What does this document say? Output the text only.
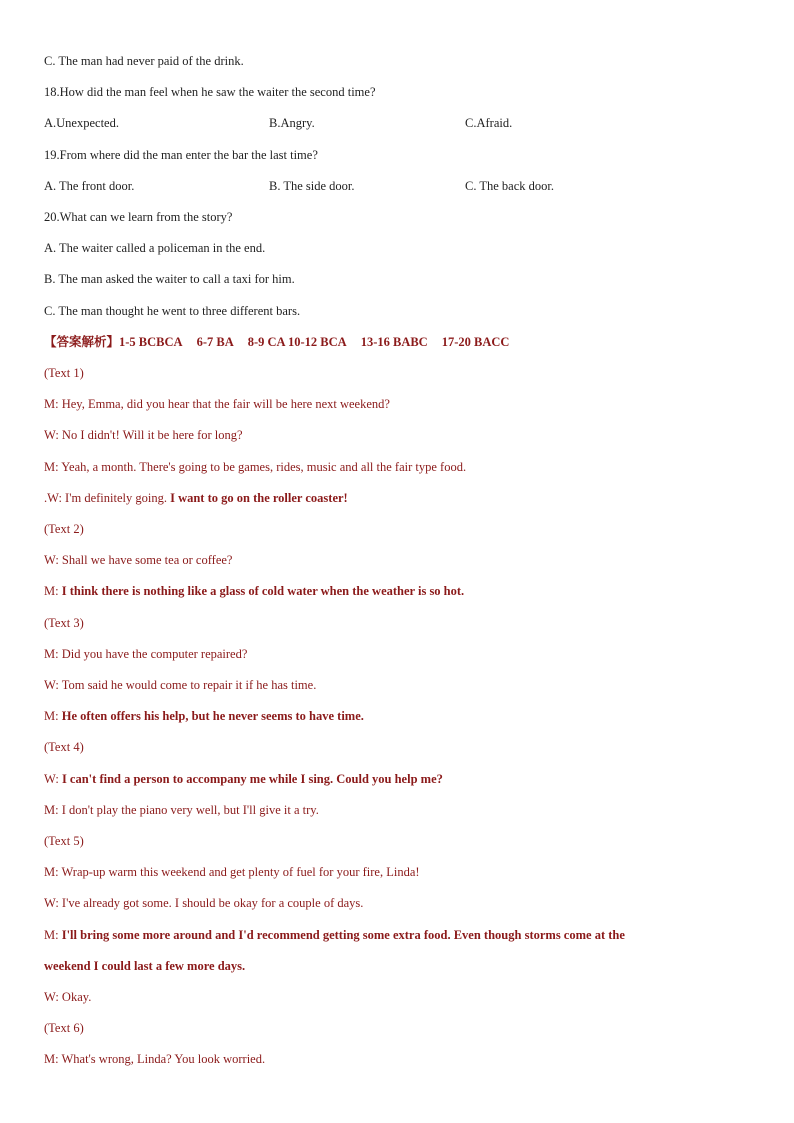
C. The man had never paid of the drink.
18.How did the man feel when he saw the waiter the second time?
A.Unexpected.	B.Angry.	C.Afraid.
19.From where did the man enter the bar the last time?
A. The front door.	B. The side door.	C. The back door.
20.What can we learn from the story?
A. The waiter called a policeman in the end.
B. The man asked the waiter to call a taxi for him.
C. The man thought he went to three different bars.
【答案解析】1-5 BCBCA 6-7 BA 8-9 CA 10-12 BCA 13-16 BABC 17-20 BACC
(Text 1)
M: Hey, Emma, did you hear that the fair will be here next weekend?
W: No I didn't! Will it be here for long?
M: Yeah, a month. There's going to be games, rides, music and all the fair type food.
.W: I'm definitely going. I want to go on the roller coaster!
(Text 2)
W: Shall we have some tea or coffee?
M: I think there is nothing like a glass of cold water when the weather is so hot.
(Text 3)
M: Did you have the computer repaired?
W: Tom said he would come to repair it if he has time.
M: He often offers his help, but he never seems to have time.
(Text 4)
W: I can't find a person to accompany me while I sing. Could you help me?
M: I don't play the piano very well, but I'll give it a try.
(Text 5)
M: Wrap-up warm this weekend and get plenty of fuel for your fire, Linda!
W: I've already got some. I should be okay for a couple of days.
M: I'll bring some more around and I'd recommend getting some extra food. Even though storms come at the
weekend I could last a few more days.
W: Okay.
(Text 6)
M: What's wrong, Linda? You look worried.
